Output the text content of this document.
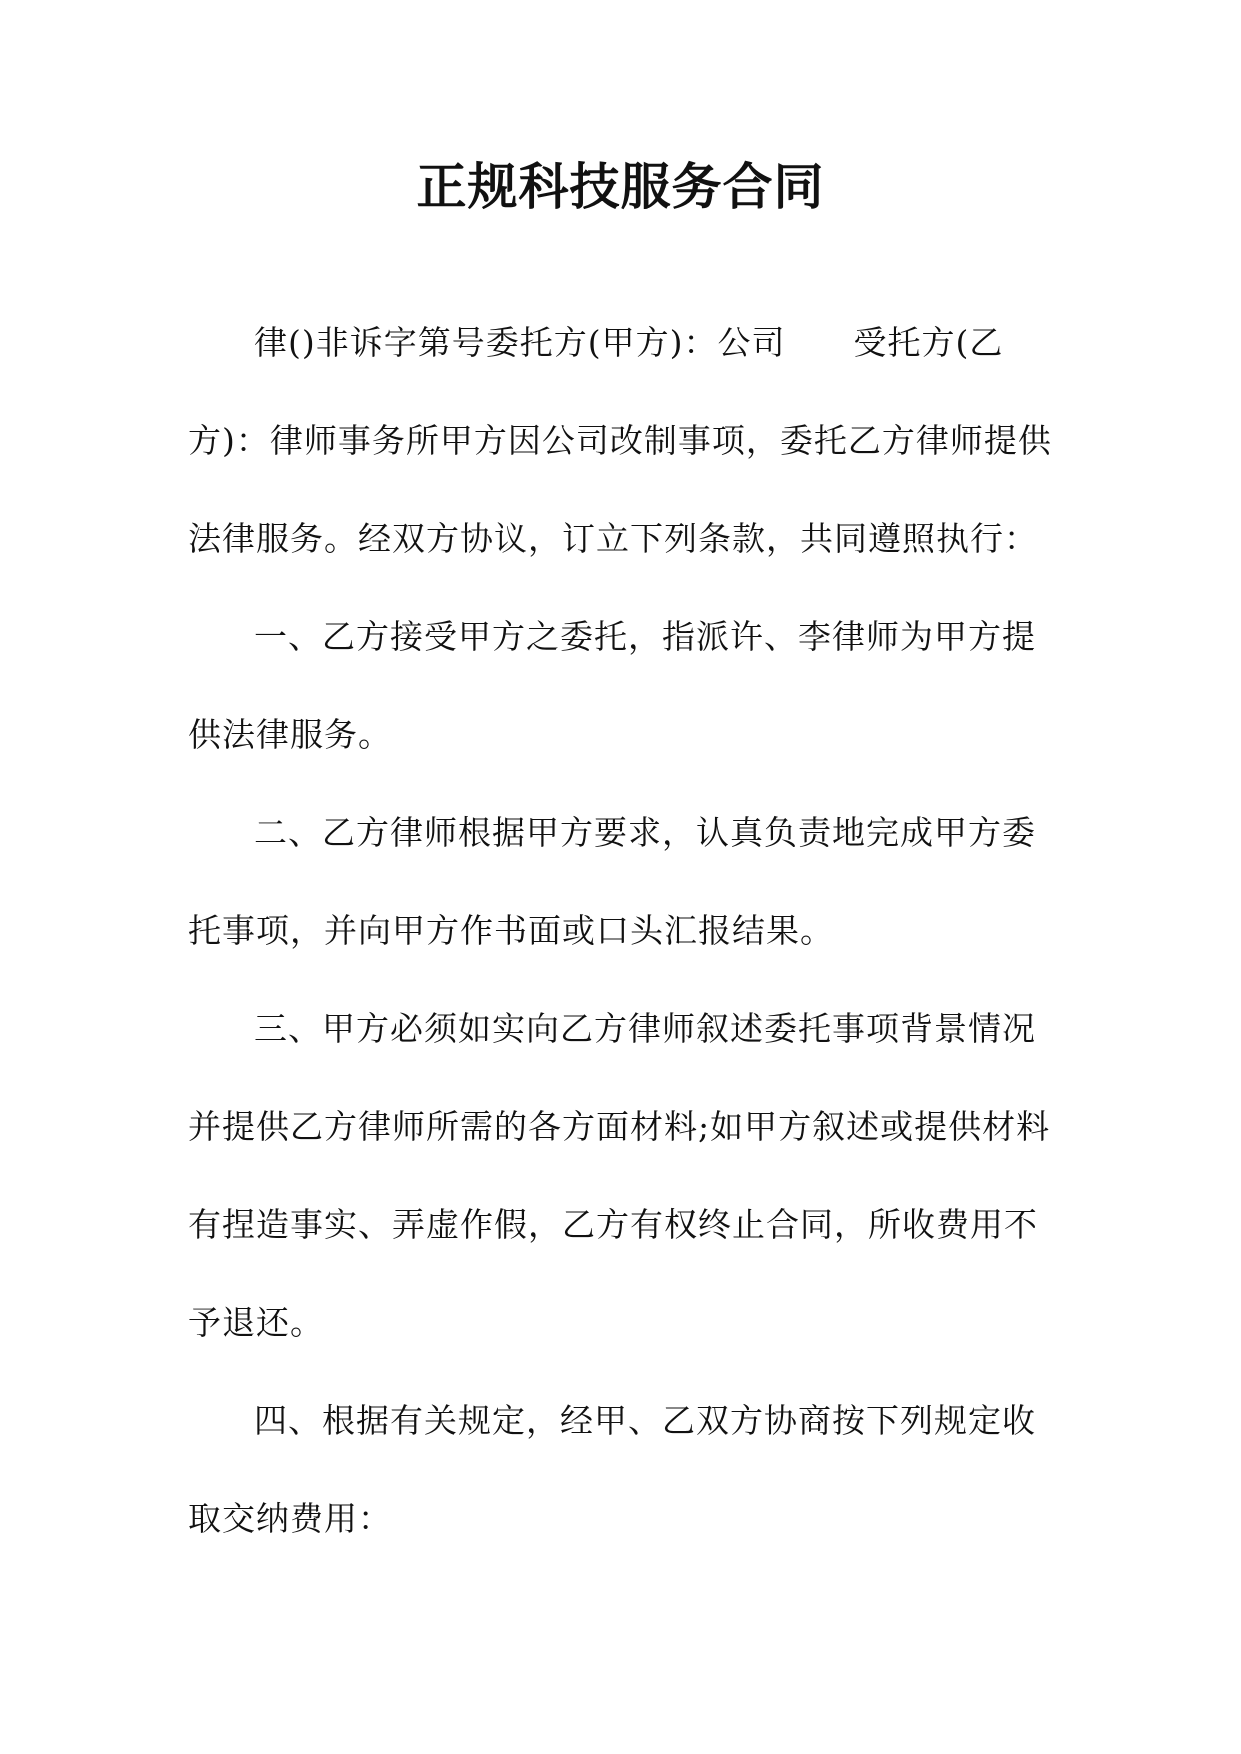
正规科技服务合同
律()非诉字第号委托方(甲方)：公司　　受托方(乙
方)：律师事务所甲方因公司改制事项，委托乙方律师提供
法律服务。经双方协议，订立下列条款，共同遵照执行：
一、乙方接受甲方之委托，指派许、李律师为甲方提
供法律服务。
二、乙方律师根据甲方要求，认真负责地完成甲方委
托事项，并向甲方作书面或口头汇报结果。
三、甲方必须如实向乙方律师叙述委托事项背景情况
并提供乙方律师所需的各方面材料;如甲方叙述或提供材料
有捏造事实、弄虚作假，乙方有权终止合同，所收费用不
予退还。
四、根据有关规定，经甲、乙双方协商按下列规定收
取交纳费用：
